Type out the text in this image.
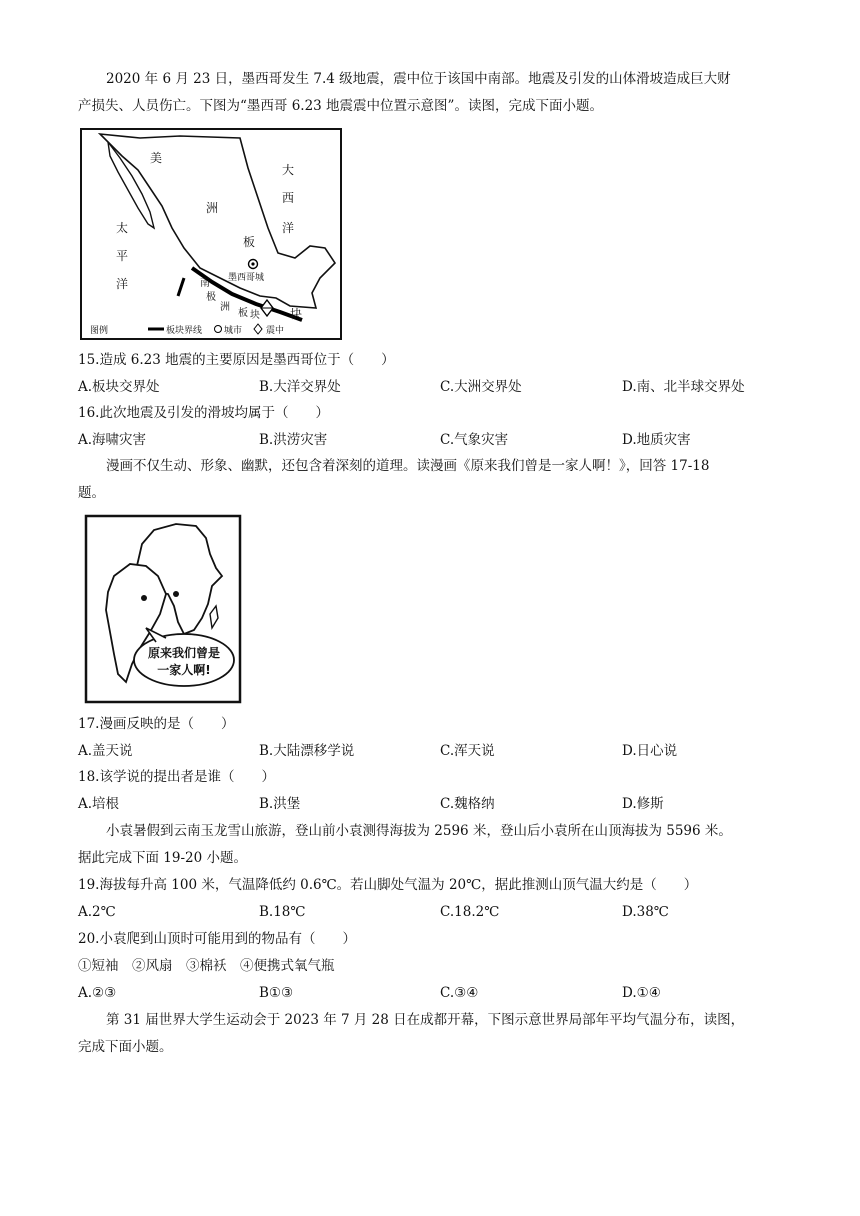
2020 年 6 月 23 日，墨西哥发生 7.4 级地震，震中位于该国中南部。地震及引发的山体滑坡造成巨大财
产损失、人员伤亡。下图为“墨西哥 6.23 地震震中位置示意图”。读图，完成下面小题。
美
洲
板
块
大
西
洋
太
平
洋	南
极
洲
板 块
墨西哥城
图例	板块界线 城市	震中
15.造成 6.23 地震的主要原因是墨西哥位于（　　）
A.板块交界处	B.大洋交界处	C.大洲交界处	D.南、北半球交界处
16.此次地震及引发的滑坡均属于（　　）
A.海啸灾害	B.洪涝灾害	C.气象灾害	D.地质灾害
漫画不仅生动、形象、幽默，还包含着深刻的道理。读漫画《原来我们曾是一家人啊！》，回答 17-18
题。
原来我们曾是
一家人啊!
17.漫画反映的是（　　）
A.盖天说	B.大陆漂移学说	C.浑天说	D.日心说
18.该学说的提出者是谁（　　）
A.培根	B.洪堡	C.魏格纳	D.修斯
小袁暑假到云南玉龙雪山旅游，登山前小袁测得海拔为 2596 米，登山后小袁所在山顶海拔为 5596 米。
据此完成下面 19-20 小题。
19.海拔每升高 100 米，气温降低约 0.6℃。若山脚处气温为 20℃，据此推测山顶气温大约是（　　）
A.2℃	B.18℃	C.18.2℃	D.38℃
20.小袁爬到山顶时可能用到的物品有（　　）
①短袖　②风扇　③棉袄　④便携式氧气瓶
A.②③	B①③	C.③④	D.①④
第 31 届世界大学生运动会于 2023 年 7 月 28 日在成都开幕，下图示意世界局部年平均气温分布，读图，
完成下面小题。
